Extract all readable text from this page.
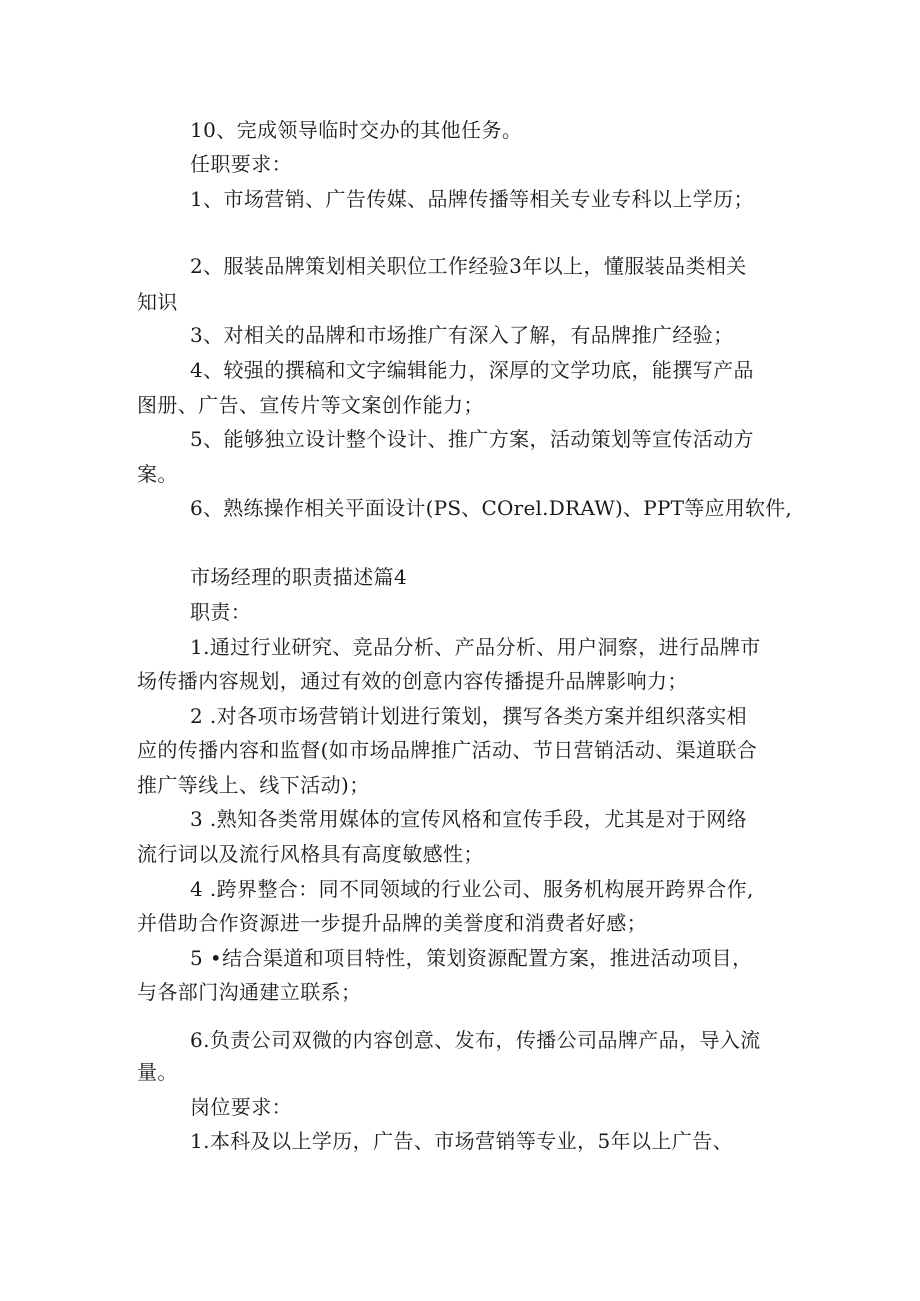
10、完成领导临时交办的其他任务。

任职要求：

1、市场营销、广告传媒、品牌传播等相关专业专科以上学历；

2、服装品牌策划相关职位工作经验3年以上，懂服装品类相关

知识

3、对相关的品牌和市场推广有深入了解，有品牌推广经验；

4、较强的撰稿和文字编辑能力，深厚的文学功底，能撰写产品

图册、广告、宣传片等文案创作能力；

5、能够独立设计整个设计、推广方案，活动策划等宣传活动方

案。

6、熟练操作相关平面设计(PS、COrel.DRAW)、PPT等应用软件,

市场经理的职责描述篇4

职责：

1.通过行业研究、竞品分析、产品分析、用户洞察，进行品牌市

场传播内容规划，通过有效的创意内容传播提升品牌影响力；

2 .对各项市场营销计划进行策划，撰写各类方案并组织落实相

应的传播内容和监督(如市场品牌推广活动、节日营销活动、渠道联合

推广等线上、线下活动)；

3 .熟知各类常用媒体的宣传风格和宣传手段，尤其是对于网络

流行词以及流行风格具有高度敏感性；

4 .跨界整合：同不同领域的行业公司、服务机构展开跨界合作,

并借助合作资源进一步提升品牌的美誉度和消费者好感；

5 •结合渠道和项目特性，策划资源配置方案，推进活动项目，

与各部门沟通建立联系；

6.负责公司双微的内容创意、发布，传播公司品牌产品，导入流

量。

岗位要求：

1.本科及以上学历，广告、市场营销等专业，5年以上广告、
